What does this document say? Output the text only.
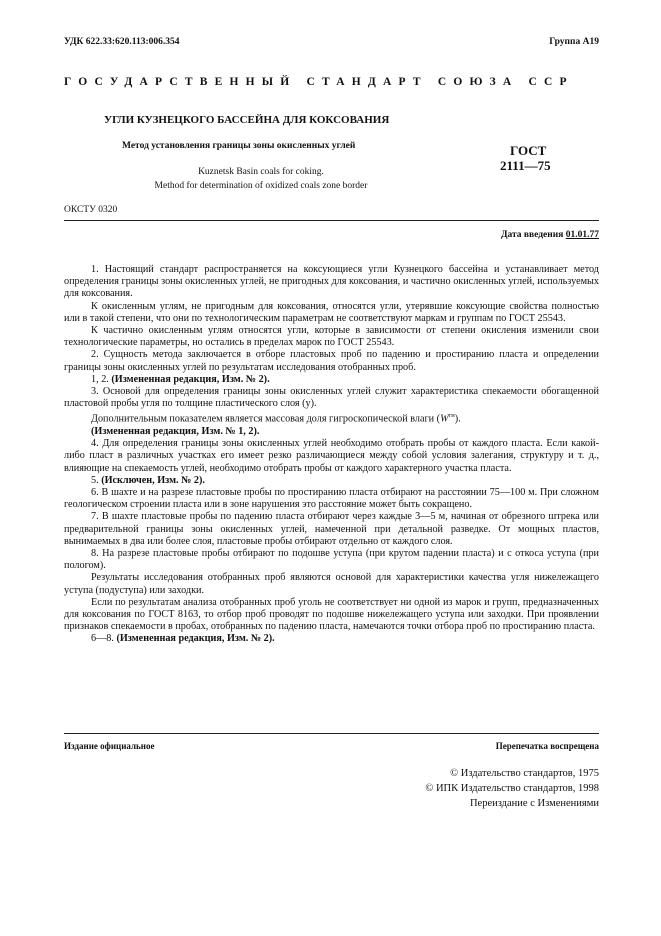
УДК 622.33:620.113:006.354	Группа А19
ГОСУДАРСТВЕННЫЙ СТАНДАРТ СОЮЗА ССР
УГЛИ КУЗНЕЦКОГО БАССЕЙНА ДЛЯ КОКСОВАНИЯ
Метод установления границы зоны окисленных углей
Kuznetsk Basin coals for coking.
Method for determination of oxidized coals zone border
ГОСТ
2111—75
ОКСТУ 0320
Дата введения 01.01.77

1. Настоящий стандарт распространяется на коксующиеся угли Кузнецкого бассейна и устанавливает метод определения границы зоны окисленных углей, не пригодных для коксования, и частично окисленных углей, используемых для коксования.

К окисленным углям, не пригодным для коксования, относятся угли, утерявшие коксующие свойства полностью или в такой степени, что они по технологическим параметрам не соответствуют маркам и группам по ГОСТ 25543.

К частично окисленным углям относятся угли, которые в зависимости от степени окисления изменили свои технологические параметры, но остались в пределах марок по ГОСТ 25543.

2. Сущность метода заключается в отборе пластовых проб по падению и простиранию пласта и определении границы зоны окисленных углей по результатам исследования отобранных проб.

1, 2. (Измененная редакция, Изм. № 2).

3. Основой для определения границы зоны окисленных углей служит характеристика спекаемости обогащенной пластовой пробы угля по толщине пластического слоя (y).

Дополнительным показателем является массовая доля гигроскопической влаги $(W^{ги})$.

(Измененная редакция, Изм. № 1, 2).

4. Для определения границы зоны окисленных углей необходимо отобрать пробы от каждого пласта. Если какой-либо пласт в различных участках его имеет резко различающиеся между собой условия залегания, структуру и т. д., влияющие на спекаемость углей, необходимо отобрать пробы от каждого характерного участка пласта.

5. (Исключен, Изм. № 2).

6. В шахте и на разрезе пластовые пробы по простиранию пласта отбирают на расстоянии 75—100 м. При сложном геологическом строении пласта или в зоне нарушения это расстояние может быть сокращено.

7. В шахте пластовые пробы по падению пласта отбирают через каждые 3—5 м, начиная от обрезного штрека или предварительной границы зоны окисленных углей, намеченной при детальной разведке. От мощных пластов, вынимаемых в два или более слоя, пластовые пробы отбирают отдельно от каждого слоя.

8. На разрезе пластовые пробы отбирают по подошве уступа (при крутом падении пласта) и с откоса уступа (при пологом).

Результаты исследования отобранных проб являются основой для характеристики качества угля нижележащего уступа (подуступа) или заходки.

Если по результатам анализа отобранных проб уголь не соответствует ни одной из марок и групп, предназначенных для коксования по ГОСТ 8163, то отбор проб проводят по подошве нижележащего уступа или заходки. При проявлении признаков спекаемости в пробах, отобранных по падению пласта, намечаются точки отбора проб по простиранию пласта.

6—8. (Измененная редакция, Изм. № 2).

Издание официальное	Перепечатка воспрещена
© Издательство стандартов, 1975
© ИПК Издательство стандартов, 1998
Переиздание с Изменениями
